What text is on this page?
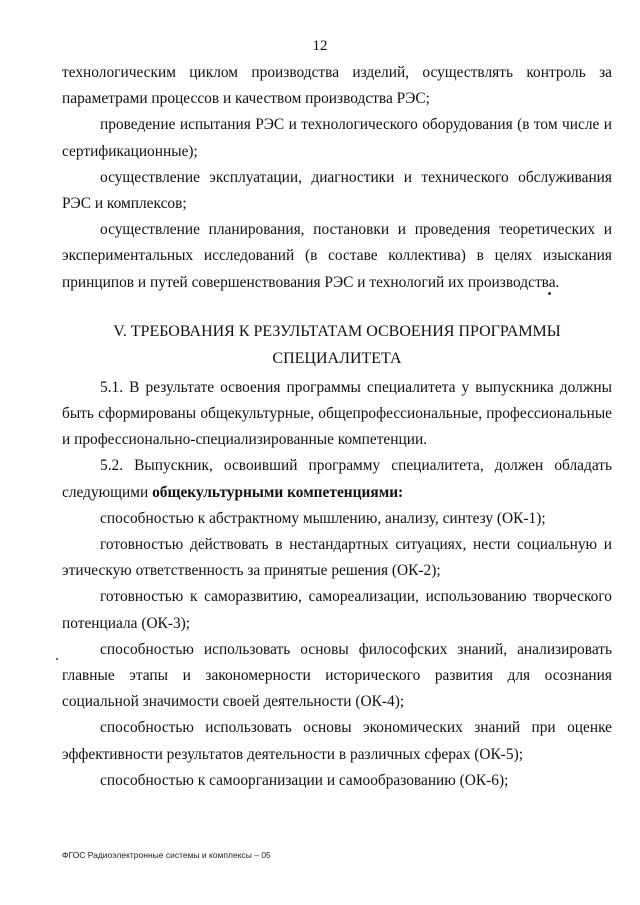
12

технологическим циклом производства изделий, осуществлять контроль за параметрами процессов и качеством производства РЭС;

проведение испытания РЭС и технологического оборудования (в том числе и сертификационные);

осуществление эксплуатации, диагностики и технического обслуживания РЭС и комплексов;

осуществление планирования, постановки и проведения теоретических и экспериментальных исследований (в составе коллектива) в целях изыскания принципов и путей совершенствования РЭС и технологий их производства.

V. ТРЕБОВАНИЯ К РЕЗУЛЬТАТАМ ОСВОЕНИЯ ПРОГРАММЫ
СПЕЦИАЛИТЕТА

5.1. В результате освоения программы специалитета у выпускника должны быть сформированы общекультурные, общепрофессиональные, профессиональные и профессионально-специализированные компетенции.

5.2. Выпускник, освоивший программу специалитета, должен обладать следующими общекультурными компетенциями:

способностью к абстрактному мышлению, анализу, синтезу (ОК-1);

готовностью действовать в нестандартных ситуациях, нести социальную и этическую ответственность за принятые решения (ОК-2);

готовностью к саморазвитию, самореализации, использованию творческого потенциала (ОК-3);

способностью использовать основы философских знаний, анализировать главные этапы и закономерности исторического развития для осознания социальной значимости своей деятельности (ОК-4);

способностью использовать основы экономических знаний при оценке эффективности результатов деятельности в различных сферах (ОК-5);

способностью к самоорганизации и самообразованию (ОК-6);

ФГОС Радиоэлектронные системы и комплексы – 05
